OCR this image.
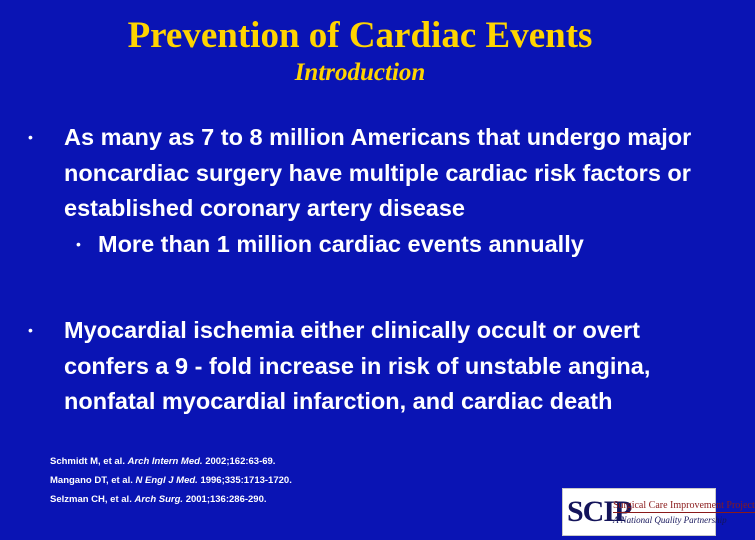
Prevention of Cardiac Events
Introduction
• As many as 7 to 8 million Americans that undergo major noncardiac surgery have multiple cardiac risk factors or established coronary artery disease
• More than 1 million cardiac events annually
• Myocardial ischemia either clinically occult or overt confers a 9 - fold increase in risk of unstable angina, nonfatal myocardial infarction, and cardiac death
Schmidt M, et al. Arch Intern Med. 2002;162:63-69.
Mangano DT, et al. N Engl J Med. 1996;335:1713-1720.
Selzman CH, et al. Arch Surg. 2001;136:286-290.	SCIP
Surgical Care Improvement Project
A National Quality Partnership
